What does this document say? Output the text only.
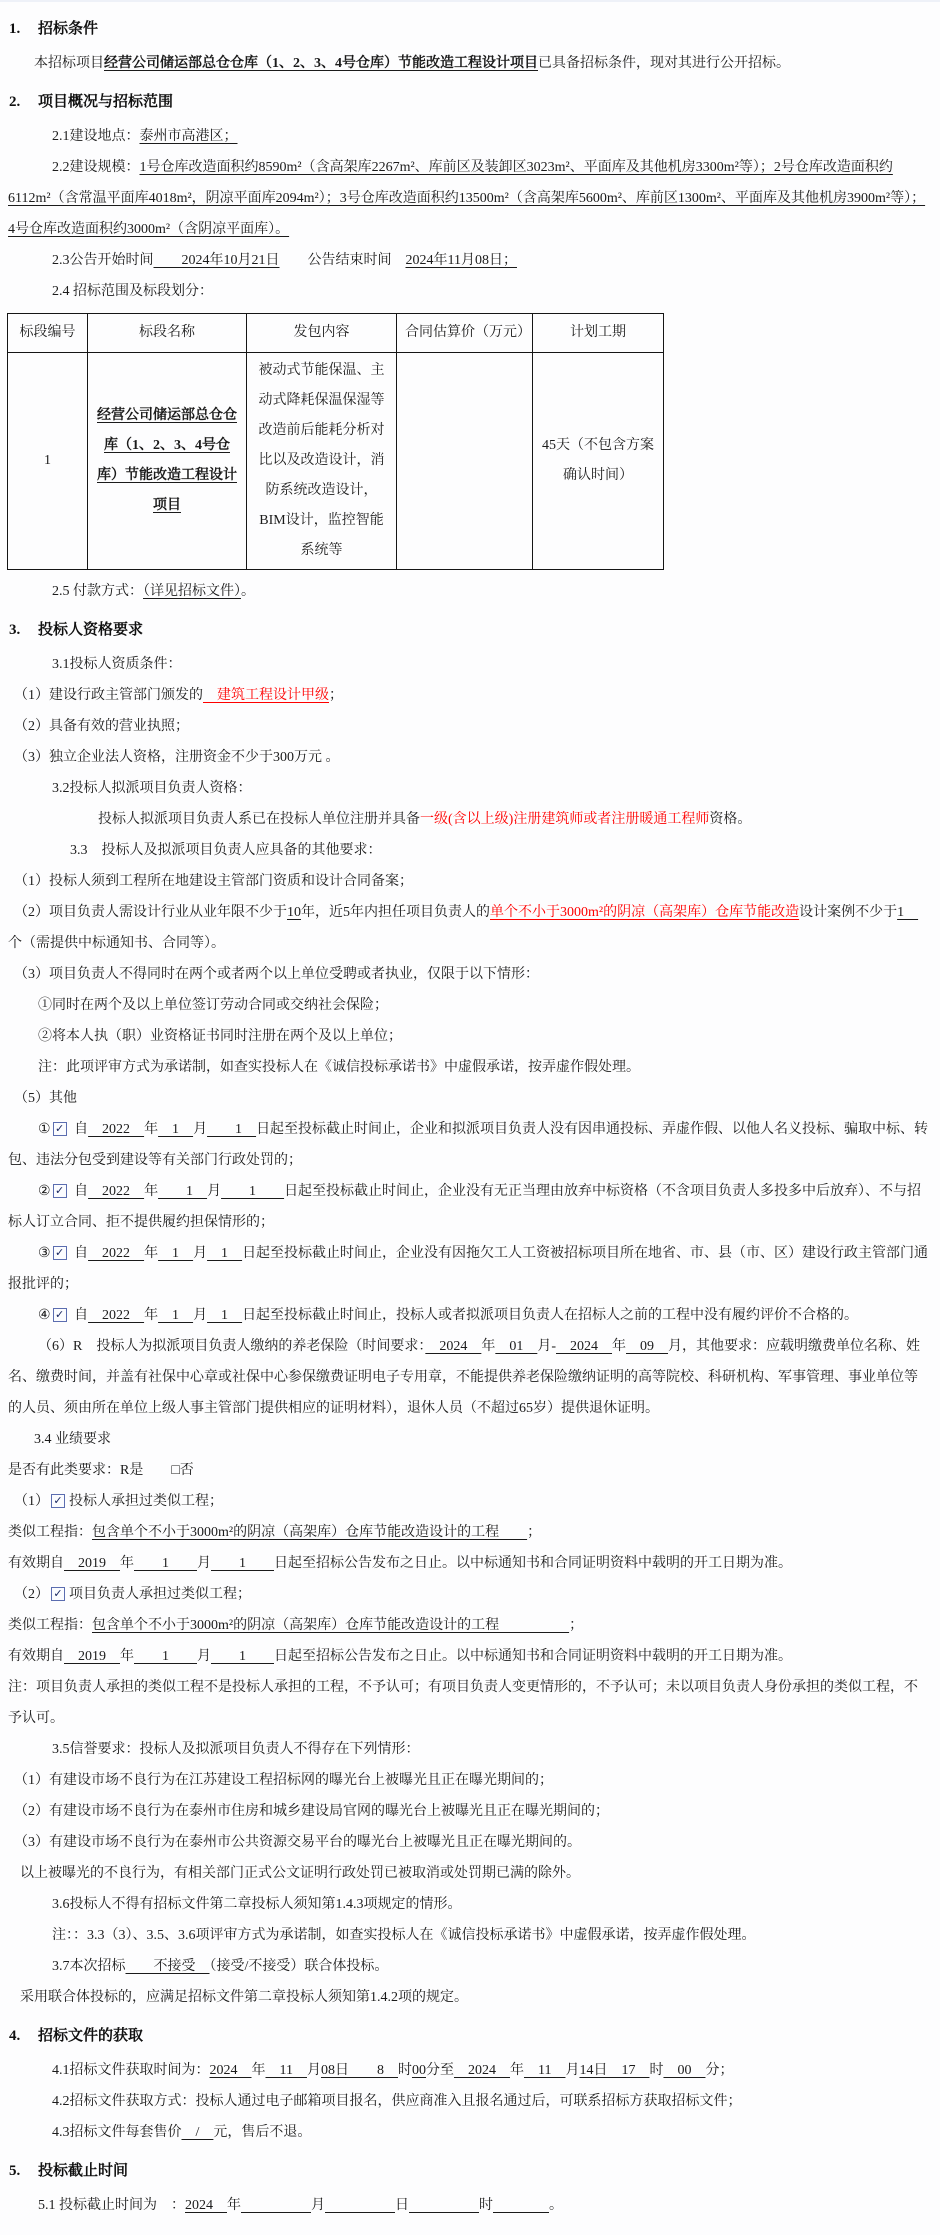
1. 招标条件

本招标项目经营公司储运部总仓仓库（1、2、3、4号仓库）节能改造工程设计项目已具备招标条件，现对其进行公开招标。

2. 项目概况与招标范围

2.1建设地点：泰州市高港区；

2.2建设规模：1号仓库改造面积约8590m²（含高架库2267m²、库前区及装卸区3023m²、平面库及其他机房3300m²等）；2号仓库改造面积约6112m²（含常温平面库4018m²，阴凉平面库2094m²）；3号仓库改造面积约13500m²（含高架库5600m²、库前区1300m²、平面库及其他机房3900m²等）；4号仓库改造面积约3000m²（含阴凉平面库）。

2.3公告开始时间　　2024年10月21日　　公告结束时间　2024年11月08日；

2.4 招标范围及标段划分：

标段编号	标段名称	发包内容	合同估算价（万元）	计划工期
1	经营公司储运部总仓仓库（1、2、3、4号仓库）节能改造工程设计项目	被动式节能保温、主动式降耗保温保湿等改造前后能耗分析对比以及改造设计，消防系统改造设计，BIM设计，监控智能系统等		45天（不包含方案确认时间）

2.5 付款方式：（详见招标文件）。

3. 投标人资格要求

3.1投标人资质条件：

（1）建设行政主管部门颁发的　建筑工程设计甲级；

（2）具备有效的营业执照；

（3）独立企业法人资格，注册资金不少于300万元 。

3.2投标人拟派项目负责人资格：

投标人拟派项目负责人系已在投标人单位注册并具备一级(含以上级)注册建筑师或者注册暖通工程师资格。

3.3　投标人及拟派项目负责人应具备的其他要求：

（1）投标人须到工程所在地建设主管部门资质和设计合同备案；

（2）项目负责人需设计行业从业年限不少于10年，近5年内担任项目负责人的单个不小于3000m²的阴凉（高架库）仓库节能改造设计案例不少于1　个（需提供中标通知书、合同等）。

（3）项目负责人不得同时在两个或者两个以上单位受聘或者执业，仅限于以下情形：

①同时在两个及以上单位签订劳动合同或交纳社会保险；

②将本人执（职）业资格证书同时注册在两个及以上单位；

注：此项评审方式为承诺制，如查实投标人在《诚信投标承诺书》中虚假承诺，按弄虚作假处理。

（5）其他

① ✓ 自　2022　年　1　月　　1　日起至投标截止时间止，企业和拟派项目负责人没有因串通投标、弄虚作假、以他人名义投标、骗取中标、转包、违法分包受到建设等有关部门行政处罚的；

② ✓ 自　2022　年　　1　月　　1　　日起至投标截止时间止，企业没有无正当理由放弃中标资格（不含项目负责人多投多中后放弃）、不与招标人订立合同、拒不提供履约担保情形的；

③ ✓ 自　2022　年　1　月　1　日起至投标截止时间止，企业没有因拖欠工人工资被招标项目所在地省、市、县（市、区）建设行政主管部门通报批评的；

④ ✓ 自　2022　年　1　月　1　日起至投标截止时间止，投标人或者拟派项目负责人在招标人之前的工程中没有履约评价不合格的。

（6）R　投标人为拟派项目负责人缴纳的养老保险（时间要求：　2024　年　01　月-　2024　年　09　月，其他要求：应载明缴费单位名称、姓名、缴费时间，并盖有社保中心章或社保中心参保缴费证明电子专用章，不能提供养老保险缴纳证明的高等院校、科研机构、军事管理、事业单位等的人员、须由所在单位上级人事主管部门提供相应的证明材料），退休人员（不超过65岁）提供退休证明。

3.4 业绩要求

是否有此类要求：R是　　□否

（1） ✓ 投标人承担过类似工程；

类似工程指：包含单个不小于3000m²的阴凉（高架库）仓库节能改造设计的工程　　；

有效期自　2019　年　　1　　月　　1　　日起至招标公告发布之日止。以中标通知书和合同证明资料中载明的开工日期为准。

（2） ✓ 项目负责人承担过类似工程；

类似工程指：包含单个不小于3000m²的阴凉（高架库）仓库节能改造设计的工程　　　　　；

有效期自　2019　年　　1　　月　　1　　日起至招标公告发布之日止。以中标通知书和合同证明资料中载明的开工日期为准。

注：项目负责人承担的类似工程不是投标人承担的工程，不予认可；有项目负责人变更情形的，不予认可；未以项目负责人身份承担的类似工程，不予认可。

3.5信誉要求：投标人及拟派项目负责人不得存在下列情形：

（1）有建设市场不良行为在江苏建设工程招标网的曝光台上被曝光且正在曝光期间的；

（2）有建设市场不良行为在泰州市住房和城乡建设局官网的曝光台上被曝光且正在曝光期间的；

（3）有建设市场不良行为在泰州市公共资源交易平台的曝光台上被曝光且正在曝光期间的。

以上被曝光的不良行为，有相关部门正式公文证明行政处罚已被取消或处罚期已满的除外。

3.6投标人不得有招标文件第二章投标人须知第1.4.3项规定的情形。

注：：3.3（3）、3.5、3.6项评审方式为承诺制，如查实投标人在《诚信投标承诺书》中虚假承诺，按弄虚作假处理。

3.7本次招标　　不接受　（接受/不接受）联合体投标。

采用联合体投标的，应满足招标文件第二章投标人须知第1.4.2项的规定。

4. 招标文件的获取

4.1招标文件获取时间为：2024　年　11　月08日　　8　时00分至　2024　年　11　月14日　17　时　00　分；

4.2招标文件获取方式：投标人通过电子邮箱项目报名，供应商准入且报名通过后，可联系招标方获取招标文件；

4.3招标文件每套售价　/　元，售后不退。

5. 投标截止时间

5.1 投标截止时间为　：2024　年　　　　　	月　　　　　	日　　　　　	时　　　　	。
